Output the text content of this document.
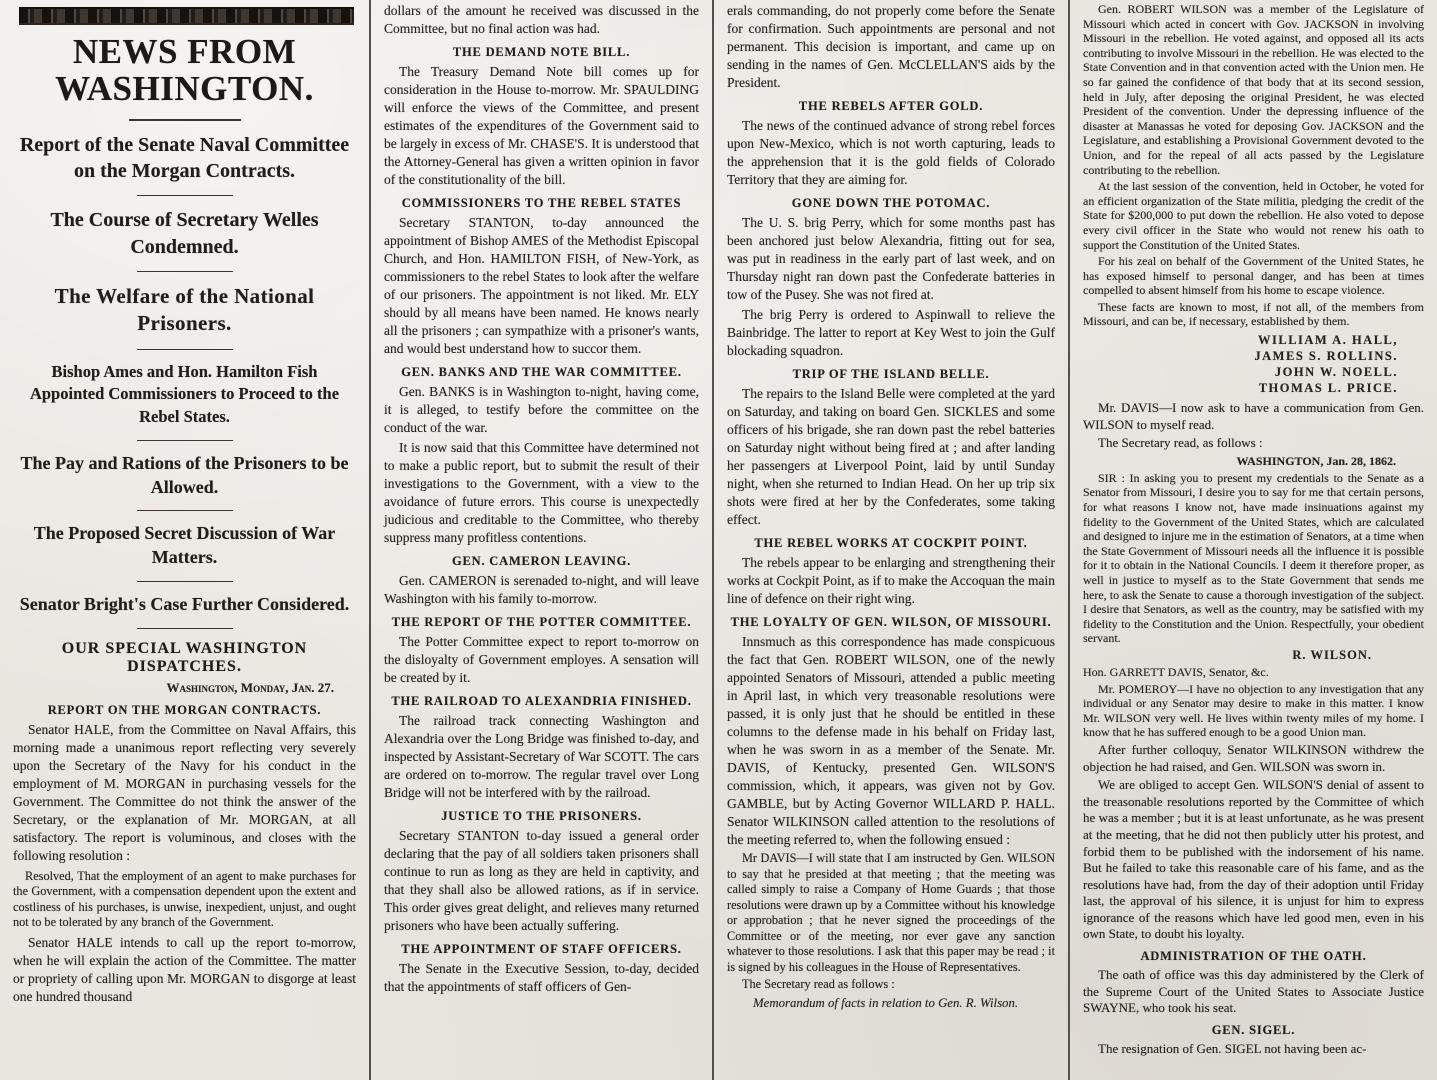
NEWS FROM WASHINGTON.
Report of the Senate Naval Committee on the Morgan Contracts.
The Course of Secretary Welles Condemned.
The Welfare of the National Prisoners.
Bishop Ames and Hon. Hamilton Fish Appointed Commissioners to Proceed to the Rebel States.
The Pay and Rations of the Prisoners to be Allowed.
The Proposed Secret Discussion of War Matters.
Senator Bright's Case Further Considered.
OUR SPECIAL WASHINGTON DISPATCHES.
Washington, Monday, Jan. 27.
REPORT ON THE MORGAN CONTRACTS.

Senator HALE, from the Committee on Naval Affairs, this morning made a unanimous report reflecting very severely upon the Secretary of the Navy for his conduct in the employment of M. MORGAN in purchasing vessels for the Government. The Committee do not think the answer of the Secretary, or the explanation of Mr. MORGAN, at all satisfactory. The report is voluminous, and closes with the following resolution :

Resolved, That the employment of an agent to make purchases for the Government, with a compensation dependent upon the extent and costliness of his purchases, is unwise, inexpedient, unjust, and ought not to be tolerated by any branch of the Government.

Senator HALE intends to call up the report to-morrow, when he will explain the action of the Committee. The matter or propriety of calling upon Mr. MORGAN to disgorge at least one hundred thousand

dollars of the amount he received was discussed in the Committee, but no final action was had.

THE DEMAND NOTE BILL.

The Treasury Demand Note bill comes up for consideration in the House to-morrow. Mr. SPAULDING will enforce the views of the Committee, and present estimates of the expenditures of the Government said to be largely in excess of Mr. CHASE'S. It is understood that the Attorney-General has given a written opinion in favor of the constitutionality of the bill.

COMMISSIONERS TO THE REBEL STATES

Secretary STANTON, to-day announced the appointment of Bishop AMES of the Methodist Episcopal Church, and Hon. HAMILTON FISH, of New-York, as commissioners to the rebel States to look after the welfare of our prisoners. The appointment is not liked. Mr. ELY should by all means have been named. He knows nearly all the prisoners ; can sympathize with a prisoner's wants, and would best understand how to succor them.

GEN. BANKS AND THE WAR COMMITTEE.

Gen. BANKS is in Washington to-night, having come, it is alleged, to testify before the committee on the conduct of the war.

It is now said that this Committee have determined not to make a public report, but to submit the result of their investigations to the Government, with a view to the avoidance of future errors. This course is unexpectedly judicious and creditable to the Committee, who thereby suppress many profitless contentions.

GEN. CAMERON LEAVING.

Gen. CAMERON is serenaded to-night, and will leave Washington with his family to-morrow.

THE REPORT OF THE POTTER COMMITTEE.

The Potter Committee expect to report to-morrow on the disloyalty of Government employes. A sensation will be created by it.

THE RAILROAD TO ALEXANDRIA FINISHED.

The railroad track connecting Washington and Alexandria over the Long Bridge was finished to-day, and inspected by Assistant-Secretary of War SCOTT. The cars are ordered on to-morrow. The regular travel over Long Bridge will not be interfered with by the railroad.

JUSTICE TO THE PRISONERS.

Secretary STANTON to-day issued a general order declaring that the pay of all soldiers taken prisoners shall continue to run as long as they are held in captivity, and that they shall also be allowed rations, as if in service. This order gives great delight, and relieves many returned prisoners who have been actually suffering.

THE APPOINTMENT OF STAFF OFFICERS.

The Senate in the Executive Session, to-day, decided that the appointments of staff officers of Gen-

erals commanding, do not properly come before the Senate for confirmation. Such appointments are personal and not permanent. This decision is important, and came up on sending in the names of Gen. McCLELLAN'S aids by the President.

THE REBELS AFTER GOLD.

The news of the continued advance of strong rebel forces upon New-Mexico, which is not worth capturing, leads to the apprehension that it is the gold fields of Colorado Territory that they are aiming for.

GONE DOWN THE POTOMAC.

The U. S. brig Perry, which for some months past has been anchored just below Alexandria, fitting out for sea, was put in readiness in the early part of last week, and on Thursday night ran down past the Confederate batteries in tow of the Pusey. She was not fired at.

The brig Perry is ordered to Aspinwall to relieve the Bainbridge. The latter to report at Key West to join the Gulf blockading squadron.

TRIP OF THE ISLAND BELLE.

The repairs to the Island Belle were completed at the yard on Saturday, and taking on board Gen. SICKLES and some officers of his brigade, she ran down past the rebel batteries on Saturday night without being fired at ; and after landing her passengers at Liverpool Point, laid by until Sunday night, when she returned to Indian Head. On her up trip six shots were fired at her by the Confederates, some taking effect.

THE REBEL WORKS AT COCKPIT POINT.

The rebels appear to be enlarging and strengthening their works at Cockpit Point, as if to make the Accoquan the main line of defence on their right wing.

THE LOYALTY OF GEN. WILSON, OF MISSOURI.

Innsmuch as this correspondence has made conspicuous the fact that Gen. ROBERT WILSON, one of the newly appointed Senators of Missouri, attended a public meeting in April last, in which very treasonable resolutions were passed, it is only just that he should be entitled in these columns to the defense made in his behalf on Friday last, when he was sworn in as a member of the Senate. Mr. DAVIS, of Kentucky, presented Gen. WILSON'S commission, which, it appears, was given not by Gov. GAMBLE, but by Acting Governor WILLARD P. HALL. Senator WILKINSON called attention to the resolutions of the meeting referred to, when the following ensued :

Mr DAVIS—I will state that I am instructed by Gen. WILSON to say that he presided at that meeting ; that the meeting was called simply to raise a Company of Home Guards ; that those resolutions were drawn up by a Committee without his knowledge or approbation ; that he never signed the proceedings of the Committee or of the meeting, nor ever gave any sanction whatever to those resolutions. I ask that this paper may be read ; it is signed by his colleagues in the House of Representatives.

The Secretary read as follows :

Memorandum of facts in relation to Gen. R. Wilson.

Gen. ROBERT WILSON was a member of the Legislature of Missouri which acted in concert with Gov. JACKSON in involving Missouri in the rebellion. He voted against, and opposed all its acts contributing to involve Missouri in the rebellion. He was elected to the State Convention and in that convention acted with the Union men. He so far gained the confidence of that body that at its second session, held in July, after deposing the original President, he was elected President of the convention. Under the depressing influence of the disaster at Manassas he voted for deposing Gov. JACKSON and the Legislature, and establishing a Provisional Government devoted to the Union, and for the repeal of all acts passed by the Legislature contributing to the rebellion.

At the last session of the convention, held in October, he voted for an efficient organization of the State militia, pledging the credit of the State for $200,000 to put down the rebellion. He also voted to depose every civil officer in the State who would not renew his oath to support the Constitution of the United States.

For his zeal on behalf of the Government of the United States, he has exposed himself to personal danger, and has been at times compelled to absent himself from his home to escape violence.

These facts are known to most, if not all, of the members from Missouri, and can be, if necessary, established by them.

WILLIAM A. HALL,
JAMES S. ROLLINS.
JOHN W. NOELL.
THOMAS L. PRICE.

Mr. DAVIS—I now ask to have a communication from Gen. WILSON to myself read.

The Secretary read, as follows :

WASHINGTON, Jan. 28, 1862.

SIR : In asking you to present my credentials to the Senate as a Senator from Missouri, I desire you to say for me that certain persons, for what reasons I know not, have made insinuations against my fidelity to the Government of the United States, which are calculated and designed to injure me in the estimation of Senators, at a time when the State Government of Missouri needs all the influence it is possible for it to obtain in the National Councils. I deem it therefore proper, as well in justice to myself as to the State Government that sends me here, to ask the Senate to cause a thorough investigation of the subject. I desire that Senators, as well as the country, may be satisfied with my fidelity to the Constitution and the Union. Respectfully, your obedient servant.

R. WILSON.

Hon. GARRETT DAVIS, Senator, &c.

Mr. POMEROY—I have no objection to any investigation that any individual or any Senator may desire to make in this matter. I know Mr. WILSON very well. He lives within twenty miles of my home. I know that he has suffered enough to be a good Union man.

After further colloquy, Senator WILKINSON withdrew the objection he had raised, and Gen. WILSON was sworn in.

We are obliged to accept Gen. WILSON'S denial of assent to the treasonable resolutions reported by the Committee of which he was a member ; but it is at least unfortunate, as he was present at the meeting, that he did not then publicly utter his protest, and forbid them to be published with the indorsement of his name. But he failed to take this reasonable care of his fame, and as the resolutions have had, from the day of their adoption until Friday last, the approval of his silence, it is unjust for him to express ignorance of the reasons which have led good men, even in his own State, to doubt his loyalty.

ADMINISTRATION OF THE OATH.

The oath of office was this day administered by the Clerk of the Supreme Court of the United States to Associate Justice SWAYNE, who took his seat.

GEN. SIGEL.

The resignation of Gen. SIGEL not having been ac-
